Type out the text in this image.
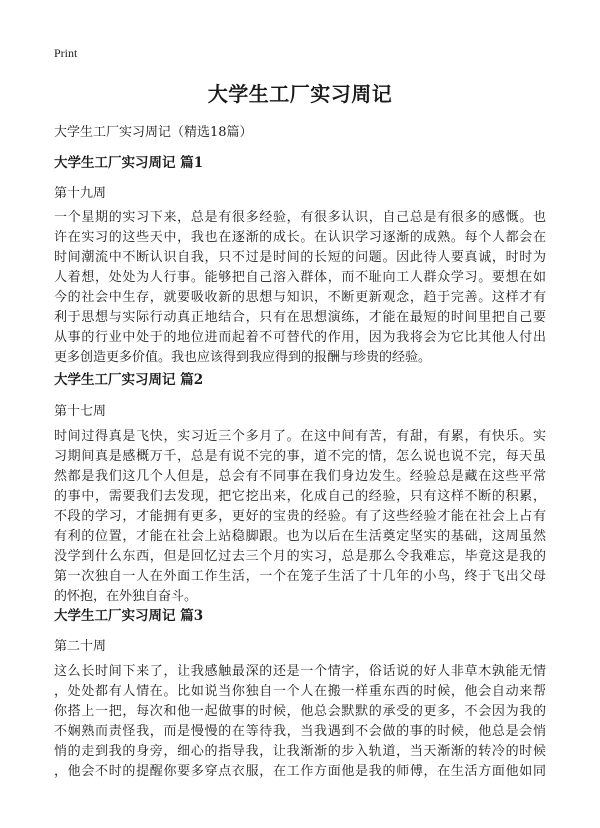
Print
大学生工厂实习周记

大学生工厂实习周记（精选18篇）

大学生工厂实习周记 篇1

第十九周

一个星期的实习下来，总是有很多经验，有很多认识，自己总是有很多的感慨。也
许在实习的这些天中，我也在逐渐的成长。在认识学习逐渐的成熟。每个人都会在
时间潮流中不断认识自我，只不过是时间的长短的问题。因此待人要真诚，时时为
人着想，处处为人行事。能够把自己溶入群体，而不耻向工人群众学习。要想在如
今的社会中生存，就要吸收新的思想与知识，不断更新观念，趋于完善。这样才有
利于思想与实际行动真正地结合，只有在思想演练，才能在最短的时间里把自己要
从事的行业中处于的地位进而起着不可替代的作用，因为我将会为它比其他人付出
更多创造更多价值。我也应该得到我应得到的报酬与珍贵的经验。
大学生工厂实习周记 篇2

第十七周

时间过得真是飞快，实习近三个多月了。在这中间有苦，有甜，有累，有快乐。实
习期间真是感概万千，总是有说不完的事，道不完的情，怎么说也说不完，每天虽
然都是我们这几个人但是，总会有不同事在我们身边发生。经验总是藏在这些平常
的事中，需要我们去发现，把它挖出来，化成自己的经验，只有这样不断的积累，
不段的学习，才能拥有更多，更好的宝贵的经验。有了这些经验才能在社会上占有
有利的位置，才能在社会上站稳脚跟。也为以后在生活奠定坚实的基础，这周虽然
没学到什么东西，但是回忆过去三个月的实习，总是那么令我难忘，毕竟这是我的
第一次独自一人在外面工作生活，一个在笼子生活了十几年的小鸟，终于飞出父母
的怀抱，在外独自奋斗。
大学生工厂实习周记 篇3

第二十周

这么长时间下来了，让我感触最深的还是一个情字，俗话说的好人非草木孰能无情
，处处都有人情在。比如说当你独自一个人在搬一样重东西的时候，他会自动来帮
你搭上一把，每次和他一起做事的时候，他总会默默的承受的更多，不会因为我的
不娴熟而责怪我，而是慢慢的在等待我，当我遇到不会做的事的时候，他总是会悄
悄的走到我的身旁，细心的指导我，让我渐渐的步入轨道，当天渐渐的转冷的时候
，他会不时的提醒你要多穿点衣服，在工作方面他是我的师傅，在生活方面他如同
